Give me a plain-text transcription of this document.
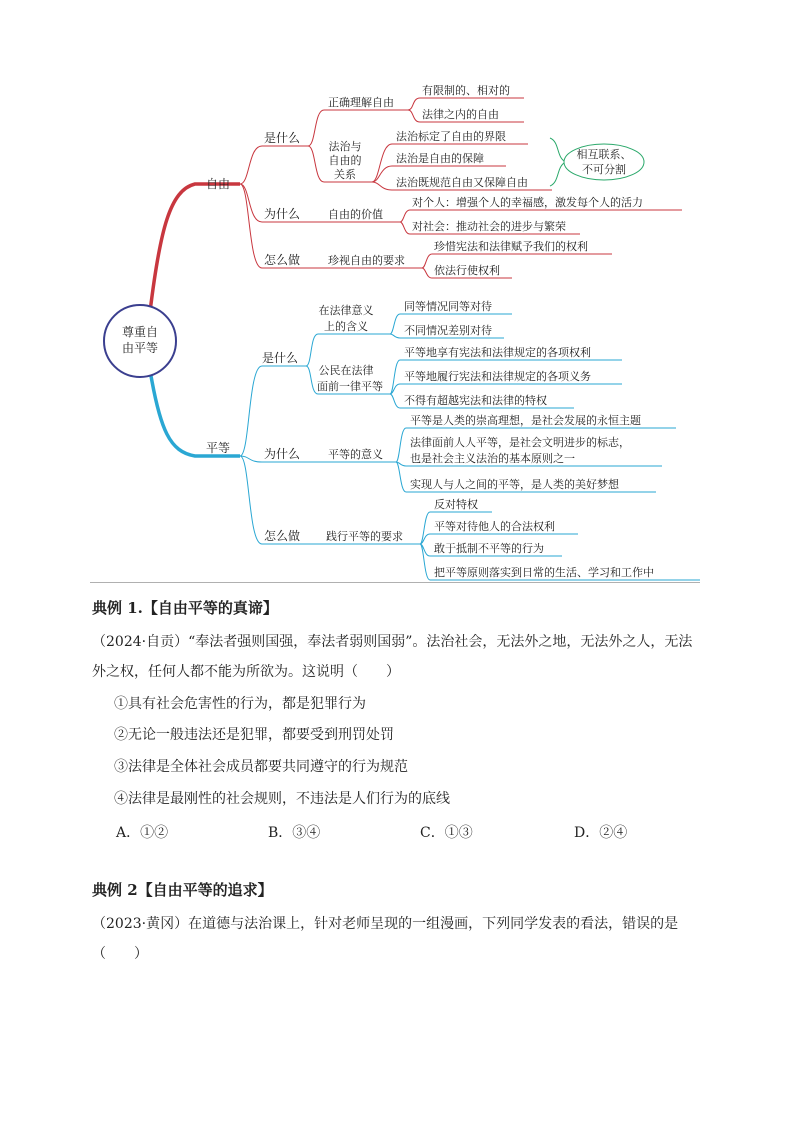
尊重自
由平等
自由
相互联系、
不可分割
是什么
为什么
怎么做
正确理解自由
有限制的、相对的
法律之内的自由
法治与
自由的
关系
法治标定了自由的界限
法治是自由的保障
法治既规范自由又保障自由
自由的价值
对个人：增强个人的幸福感，激发每个人的活力
对社会：推动社会的进步与繁荣
珍视自由的要求
珍惜宪法和法律赋予我们的权利
依法行使权利
平等
是什么
为什么
怎么做
在法律意义
上的含义
同等情况同等对待
不同情况差别对待
公民在法律
面前一律平等
平等地享有宪法和法律规定的各项权利
平等地履行宪法和法律规定的各项义务
不得有超越宪法和法律的特权
平等的意义
平等是人类的崇高理想，是社会发展的永恒主题
法律面前人人平等，是社会文明进步的标志，
也是社会主义法治的基本原则之一
实现人与人之间的平等，是人类的美好梦想
践行平等的要求
反对特权
平等对待他人的合法权利
敢于抵制不平等的行为
把平等原则落实到日常的生活、学习和工作中

典例 1.【自由平等的真谛】

（2024·自贡）“奉法者强则国强，奉法者弱则国弱”。法治社会，无法外之地，无法外之人，无法

外之权，任何人都不能为所欲为。这说明（　　）

①具有社会危害性的行为，都是犯罪行为

②无论一般违法还是犯罪，都要受到刑罚处罚

③法律是全体社会成员都要共同遵守的行为规范

④法律是最刚性的社会规则，不违法是人们行为的底线

A．①②	B．③④	C．①③	D．②④

典例 2【自由平等的追求】

（2023·黄冈）在道德与法治课上，针对老师呈现的一组漫画，下列同学发表的看法，错误的是

（　　）
